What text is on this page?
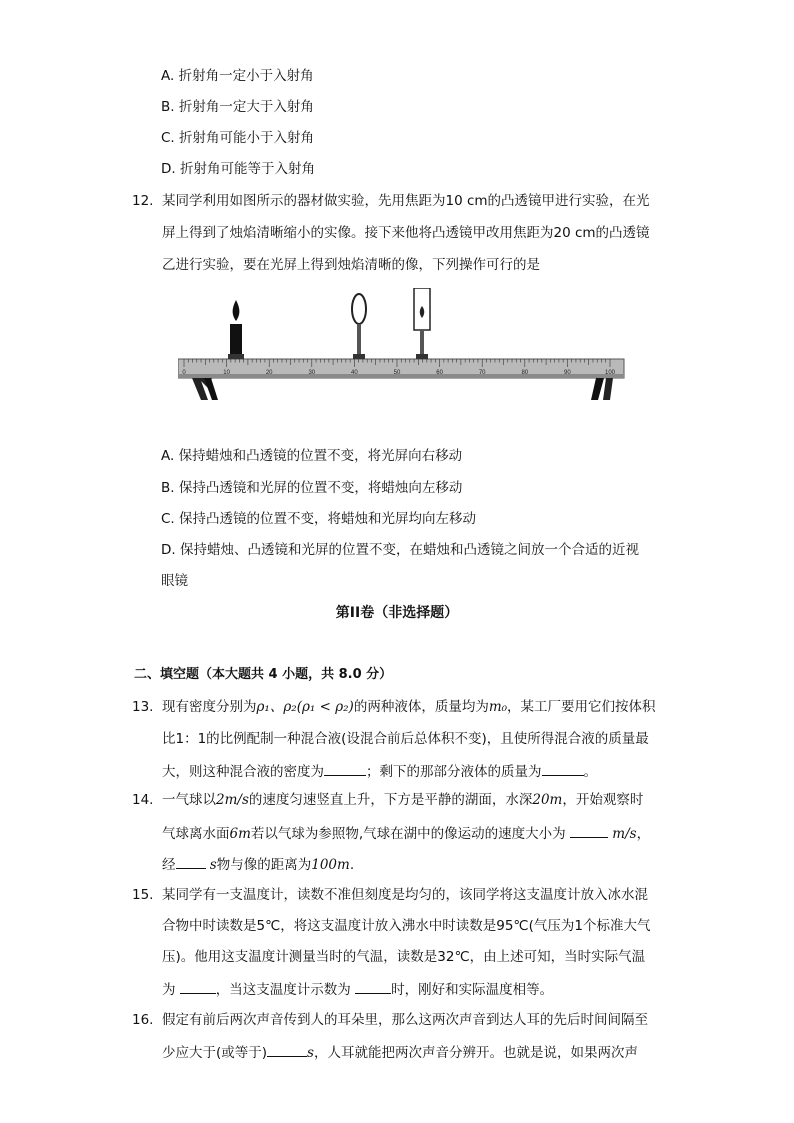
A. 折射角一定小于入射角
B. 折射角一定大于入射角
C. 折射角可能小于入射角
D. 折射角可能等于入射角
12. 某同学利用如图所示的器材做实验，先用焦距为10 cm的凸透镜甲进行实验，在光
屏上得到了烛焰清晰缩小的实像。接下来他将凸透镜甲改用焦距为20 cm的凸透镜
乙进行实验，要在光屏上得到烛焰清晰的像，下列操作可行的是
0	10	20	30	40	50	60	70	80	90	100
A. 保持蜡烛和凸透镜的位置不变，将光屏向右移动
B. 保持凸透镜和光屏的位置不变，将蜡烛向左移动
C. 保持凸透镜的位置不变，将蜡烛和光屏均向左移动
D. 保持蜡烛、凸透镜和光屏的位置不变，在蜡烛和凸透镜之间放一个合适的近视
眼镜
第II卷（非选择题）
二、填空题（本大题共 4 小题，共 8.0 分）
13. 现有密度分别为ρ₁、ρ₂(ρ₁ < ρ₂)的两种液体，质量均为m₀，某工厂要用它们按体积
比1：1的比例配制一种混合液(设混合前后总体积不变)，且使所得混合液的质量最
大，则这种混合液的密度为	；剩下的那部分液体的质量为	。
14. 一气球以2m/s的速度匀速竖直上升，下方是平静的湖面，水深20m，开始观察时
气球离水面6m若以气球为参照物,气球在湖中的像运动的速度大小为	m/s，
经	s物与像的距离为100m.
15. 某同学有一支温度计，读数不准但刻度是均匀的，该同学将这支温度计放入冰水混
合物中时读数是5℃，将这支温度计放入沸水中时读数是95℃(气压为1个标准大气
压)。他用这支温度计测量当时的气温，读数是32℃，由上述可知，当时实际气温
为	，当这支温度计示数为	时，刚好和实际温度相等。
16. 假定有前后两次声音传到人的耳朵里，那么这两次声音到达人耳的先后时间间隔至
少应大于(或等于)	s，人耳就能把两次声音分辨开。也就是说，如果两次声
